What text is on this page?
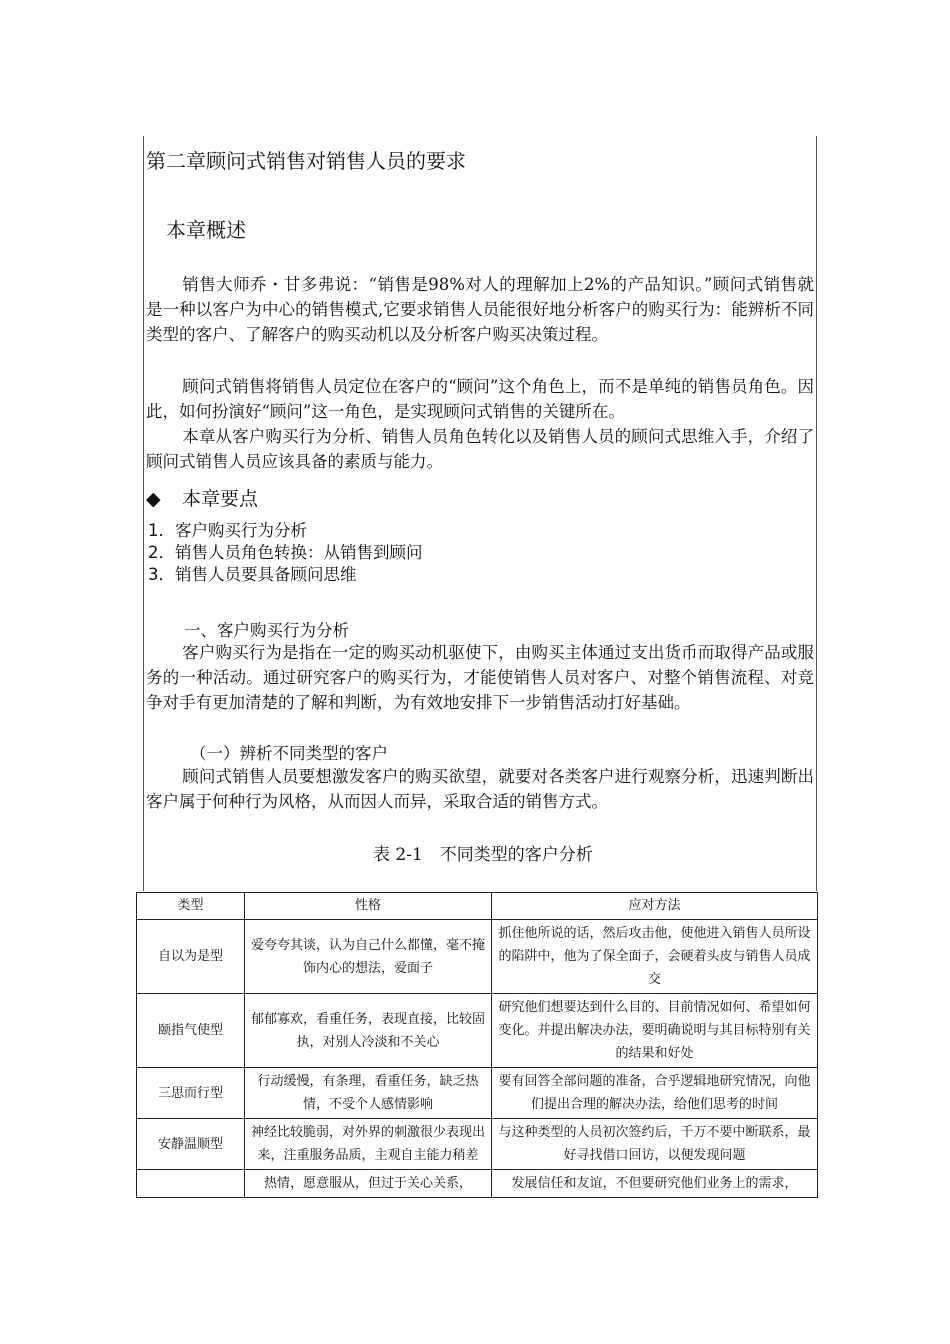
第二章顾问式销售对销售人员的要求
本章概述

销售大师乔・甘多弗说：“销售是98%对人的理解加上2%的产品知识。”顾问式销售就是一种以客户为中心的销售模式,它要求销售人员能很好地分析客户的购买行为：能辨析不同类型的客户、了解客户的购买动机以及分析客户购买决策过程。

顾问式销售将销售人员定位在客户的“顾问”这个角色上，而不是单纯的销售员角色。因此，如何扮演好“顾问”这一角色，是实现顾问式销售的关键所在。

本章从客户购买行为分析、销售人员角色转化以及销售人员的顾问式思维入手，介绍了顾问式销售人员应该具备的素质与能力。

◆ 本章要点
1．客户购买行为分析
2．销售人员角色转换：从销售到顾问
3．销售人员要具备顾问思维
一、客户购买行为分析

客户购买行为是指在一定的购买动机驱使下，由购买主体通过支出货币而取得产品或服务的一种活动。通过研究客户的购买行为，才能使销售人员对客户、对整个销售流程、对竞争对手有更加清楚的了解和判断，为有效地安排下一步销售活动打好基础。

（一）辨析不同类型的客户

顾问式销售人员要想激发客户的购买欲望，就要对各类客户进行观察分析，迅速判断出客户属于何种行为风格，从而因人而异，采取合适的销售方式。

表 2-1　不同类型的客户分析
类型	性格	应对方法
自以为是型	爱夸夸其谈，认为自己什么都懂，毫不掩饰内心的想法，爱面子	抓住他所说的话，然后攻击他，使他进入销售人员所设的陷阱中，他为了保全面子，会硬着头皮与销售人员成交
颐指气使型	郁郁寡欢，看重任务，表现直接，比较固执，对别人冷淡和不关心	研究他们想要达到什么目的、目前情况如何、希望如何变化。并提出解决办法，要明确说明与其目标特别有关的结果和好处
三思而行型	行动缓慢，有条理，看重任务，缺乏热情，不受个人感情影响	要有回答全部问题的准备，合乎逻辑地研究情况，向他们提出合理的解决办法，给他们思考的时间
安静温顺型	神经比较脆弱，对外界的刺激很少表现出来，注重服务品质，主观自主能力稍差	与这种类型的人员初次签约后，千万不要中断联系，最好寻找借口回访，以便发现问题
	热情，愿意服从，但过于关心关系，	发展信任和友谊，不但要研究他们业务上的需求，
